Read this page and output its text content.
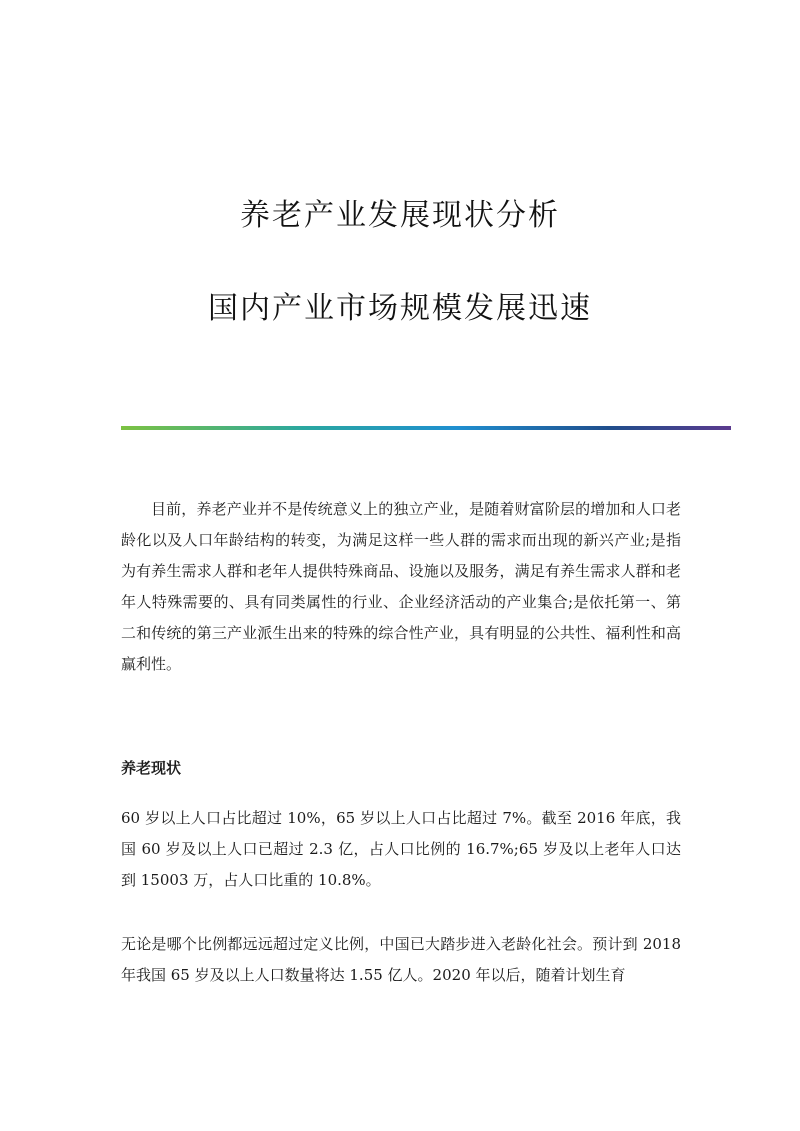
养老产业发展现状分析
国内产业市场规模发展迅速

目前，养老产业并不是传统意义上的独立产业，是随着财富阶层的增加和人口老龄化以及人口年龄结构的转变，为满足这样一些人群的需求而出现的新兴产业;是指为有养生需求人群和老年人提供特殊商品、设施以及服务，满足有养生需求人群和老年人特殊需要的、具有同类属性的行业、企业经济活动的产业集合;是依托第一、第二和传统的第三产业派生出来的特殊的综合性产业，具有明显的公共性、福利性和高赢利性。

养老现状

60 岁以上人口占比超过 10%，65 岁以上人口占比超过 7%。截至 2016 年底，我国 60 岁及以上人口已超过 2.3 亿，占人口比例的 16.7%;65 岁及以上老年人口达到 15003 万，占人口比重的 10.8%。

无论是哪个比例都远远超过定义比例，中国已大踏步进入老龄化社会。预计到 2018 年我国 65 岁及以上人口数量将达 1.55 亿人。2020 年以后，随着计划生育
